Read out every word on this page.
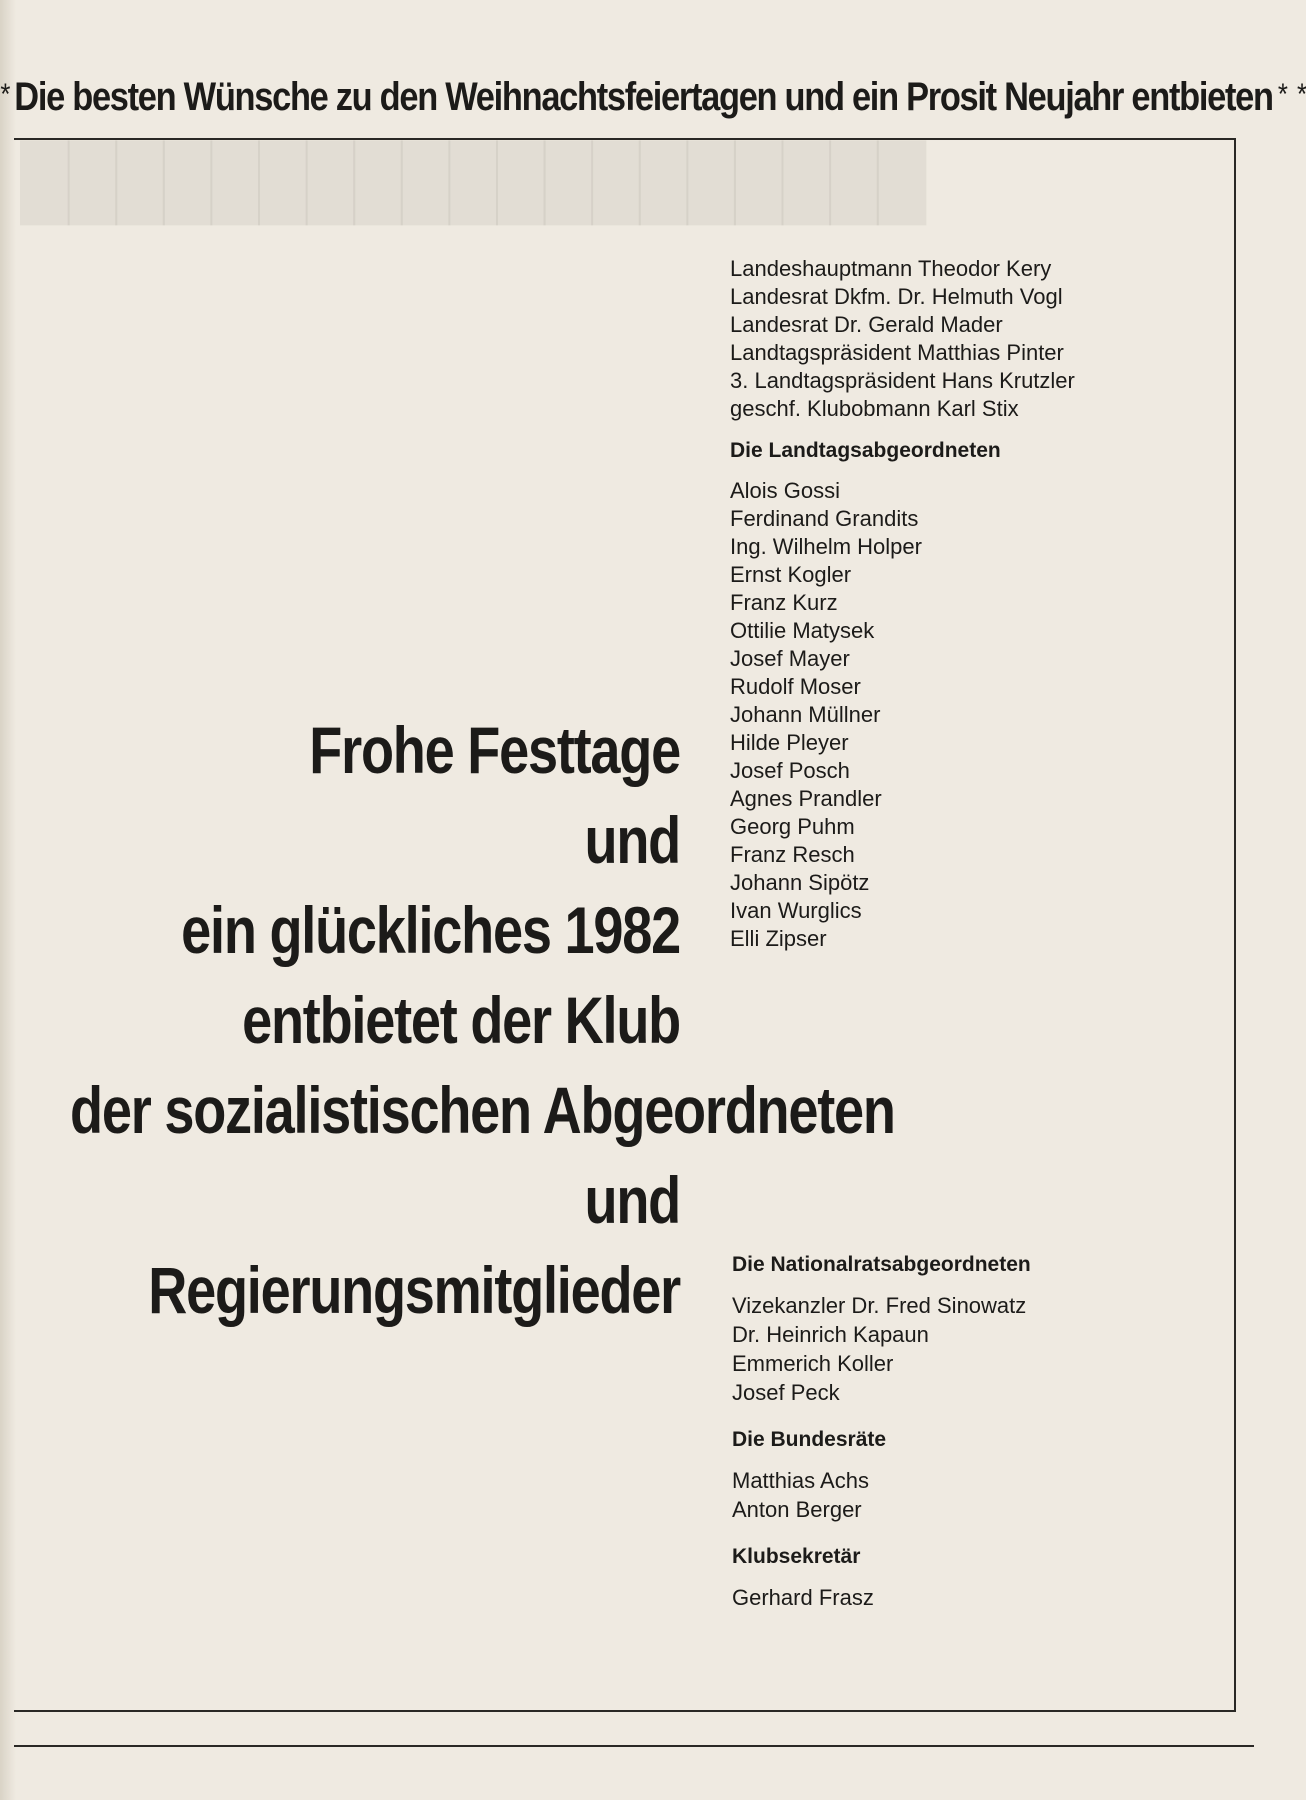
███████████████████
* Die besten Wünsche zu den Weihnachtsfeiertagen und ein Prosit Neujahr entbieten * *
Landeshauptmann Theodor Kery
Landesrat Dkfm. Dr. Helmuth Vogl
Landesrat Dr. Gerald Mader
Landtagspräsident Matthias Pinter
3. Landtagspräsident Hans Krutzler
geschf. Klubobmann Karl Stix
Die Landtagsabgeordneten
Alois Gossi
Ferdinand Grandits
Ing. Wilhelm Holper
Ernst Kogler
Franz Kurz
Ottilie Matysek
Josef Mayer
Rudolf Moser
Johann Müllner
Hilde Pleyer
Josef Posch
Agnes Prandler
Georg Puhm
Franz Resch
Johann Sipötz
Ivan Wurglics
Elli Zipser
Frohe Festtage
und
ein glückliches 1982
entbietet der Klub
der sozialistischen Abgeordneten
und
Regierungsmitglieder Die Nationalratsabgeordneten
Vizekanzler Dr. Fred Sinowatz
Dr. Heinrich Kapaun
Emmerich Koller
Josef Peck
Die Bundesräte
Matthias Achs
Anton Berger
Klubsekretär
Gerhard Frasz
